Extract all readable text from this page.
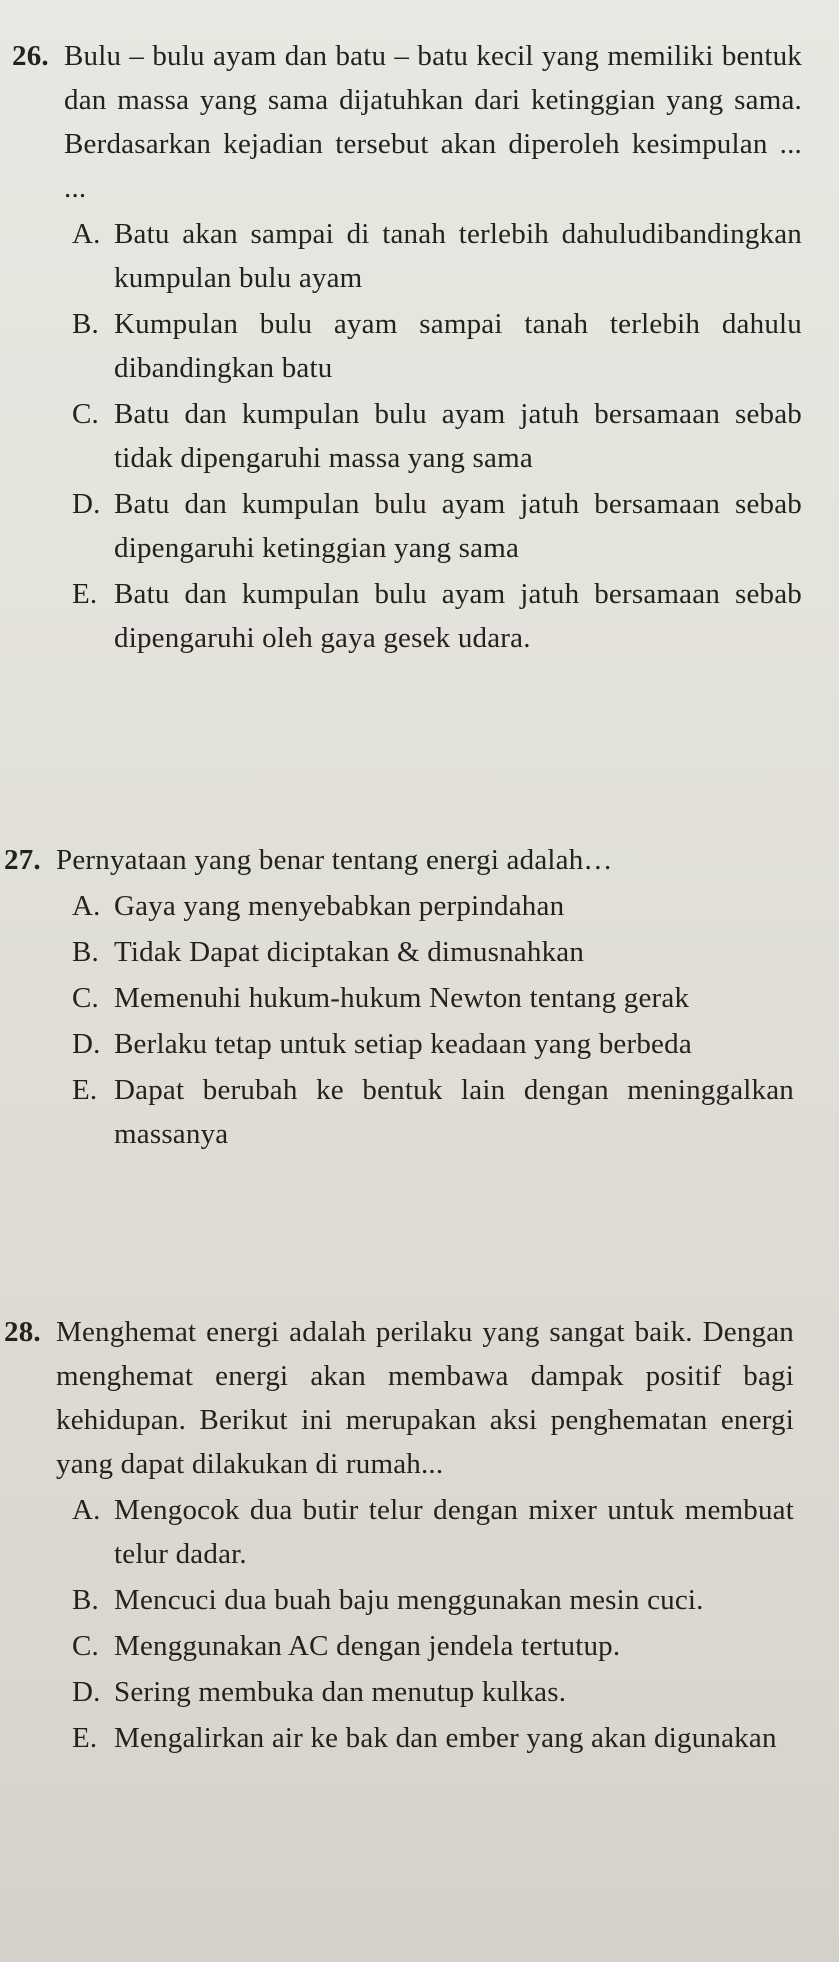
26. Bulu – bulu ayam dan batu – batu kecil yang memiliki bentuk dan massa yang sama dijatuhkan dari ketinggian yang sama. Berdasarkan kejadian tersebut akan diperoleh kesimpulan ... ...
A. Batu akan sampai di tanah terlebih dahuludibandingkan kumpulan bulu ayam
B. Kumpulan bulu ayam sampai tanah terlebih dahulu dibandingkan batu
C. Batu dan kumpulan bulu ayam jatuh bersamaan sebab tidak dipengaruhi massa yang sama
D. Batu dan kumpulan bulu ayam jatuh bersamaan sebab dipengaruhi ketinggian yang sama
E. Batu dan kumpulan bulu ayam jatuh bersamaan sebab dipengaruhi oleh gaya gesek udara.
27. Pernyataan yang benar tentang energi adalah…
A. Gaya yang menyebabkan perpindahan
B. Tidak Dapat diciptakan & dimusnahkan
C. Memenuhi hukum-hukum Newton tentang gerak
D. Berlaku tetap untuk setiap keadaan yang berbeda
E. Dapat berubah ke bentuk lain dengan meninggalkan massanya
28. Menghemat energi adalah perilaku yang sangat baik. Dengan menghemat energi akan membawa dampak positif bagi kehidupan. Berikut ini merupakan aksi penghematan energi yang dapat dilakukan di rumah...
A. Mengocok dua butir telur dengan mixer untuk membuat telur dadar.
B. Mencuci dua buah baju menggunakan mesin cuci.
C. Menggunakan AC dengan jendela tertutup.
D. Sering membuka dan menutup kulkas.
E. Mengalirkan air ke bak dan ember yang akan digunakan
